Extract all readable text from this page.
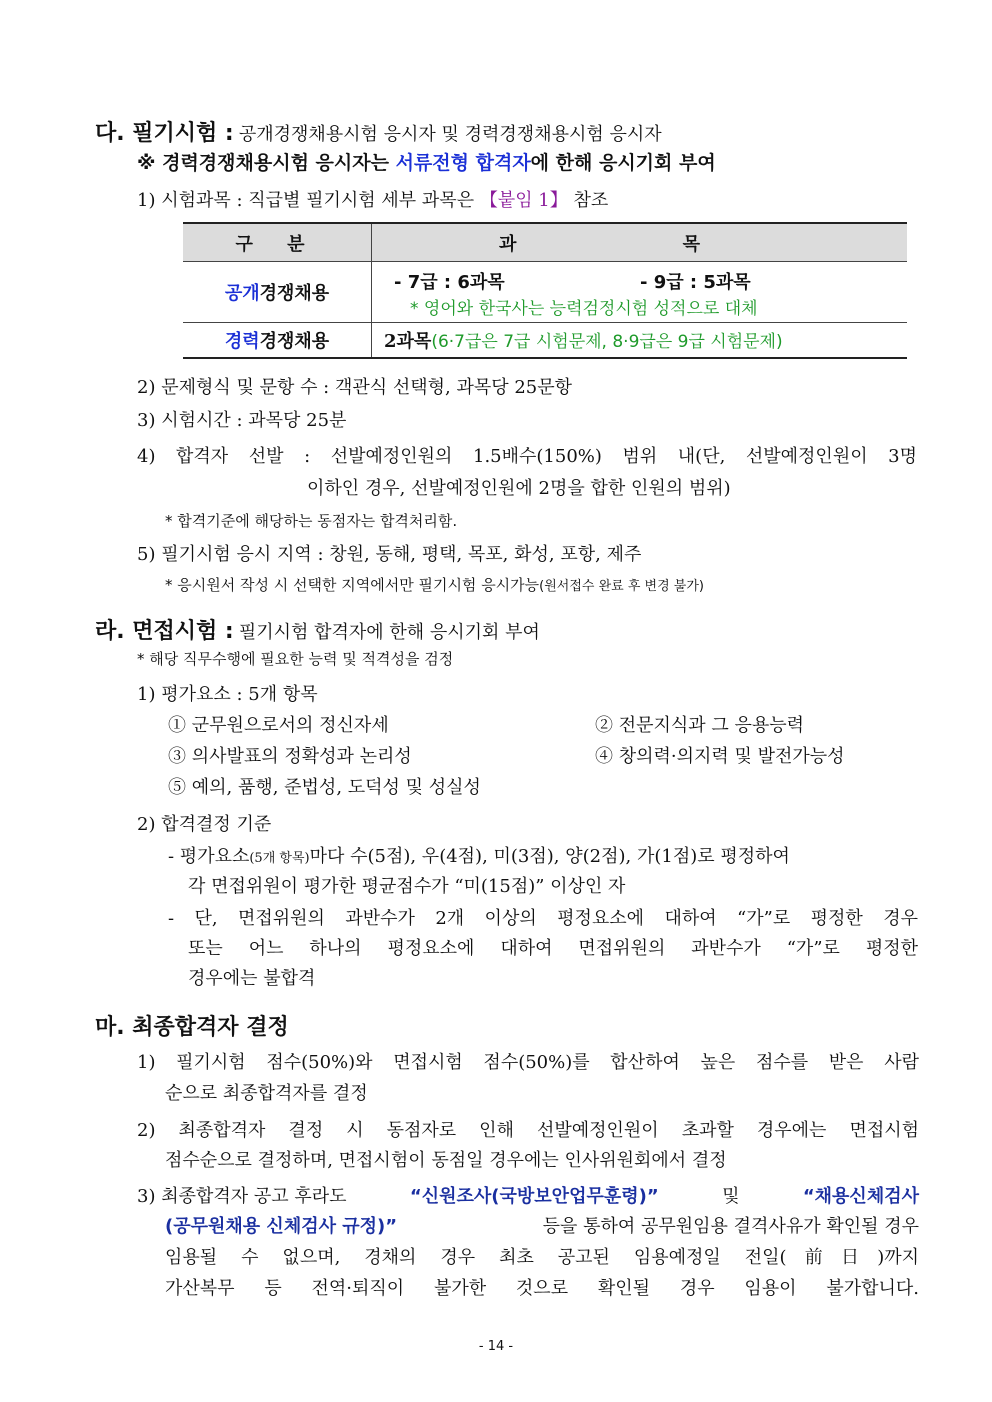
다. 필기시험 : 공개경쟁채용시험 응시자 및 경력경쟁채용시험 응시자
※ 경력경쟁채용시험 응시자는 서류전형 합격자에 한해 응시기회 부여
1) 시험과목 : 직급별 필기시험 세부 과목은 【붙임 1】 참조
구 분	과 목
공개경쟁채용	- 7급 : 6과목 - 9급 : 5과목
* 영어와 한국사는 능력검정시험 성적으로 대체

경력경쟁채용	2과목(6·7급은 7급 시험문제, 8·9급은 9급 시험문제)
2) 문제형식 및 문항 수 : 객관식 선택형, 과목당 25문항
3) 시험시간 : 과목당 25분
4) 합격자 선발 : 선발예정인원의 1.5배수(150%) 범위 내(단, 선발예정인원이 3명
이하인 경우, 선발예정인원에 2명을 합한 인원의 범위)
* 합격기준에 해당하는 동점자는 합격처리함.
5) 필기시험 응시 지역 : 창원, 동해, 평택, 목포, 화성, 포항, 제주
* 응시원서 작성 시 선택한 지역에서만 필기시험 응시가능(원서접수 완료 후 변경 불가)
라. 면접시험 : 필기시험 합격자에 한해 응시기회 부여
* 해당 직무수행에 필요한 능력 및 적격성을 검정
1) 평가요소 : 5개 항목
① 군무원으로서의 정신자세	② 전문지식과 그 응용능력
③ 의사발표의 정확성과 논리성	④ 창의력·의지력 및 발전가능성
⑤ 예의, 품행, 준법성, 도덕성 및 성실성
2) 합격결정 기준
- 평가요소(5개 항목)마다 수(5점), 우(4점), 미(3점), 양(2점), 가(1점)로 평정하여
각 면접위원이 평가한 평균점수가 “미(15점)” 이상인 자
- 단, 면접위원의 과반수가 2개 이상의 평정요소에 대하여 “가”로 평정한 경우
또는 어느 하나의 평정요소에 대하여 면접위원의 과반수가 “가”로 평정한
경우에는 불합격
마. 최종합격자 결정
1) 필기시험 점수(50%)와 면접시험 점수(50%)를 합산하여 높은 점수를 받은 사람
순으로 최종합격자를 결정
2) 최종합격자 결정 시 동점자로 인해 선발예정인원이 초과할 경우에는 면접시험
점수순으로 결정하며, 면접시험이 동점일 경우에는 인사위원회에서 결정
3) 최종합격자 공고 후라도	“신원조사(국방보안업무훈령)”	및	“채용신체검사
(공무원채용 신체검사 규정)”	등을 통하여 공무원임용 결격사유가 확인될 경우
임용될 수 없으며, 경채의 경우 최초 공고된 임용예정일 전일(前日)까지
가산복무 등 전역·퇴직이 불가한 것으로 확인될 경우 임용이 불가합니다.
- 14 -
